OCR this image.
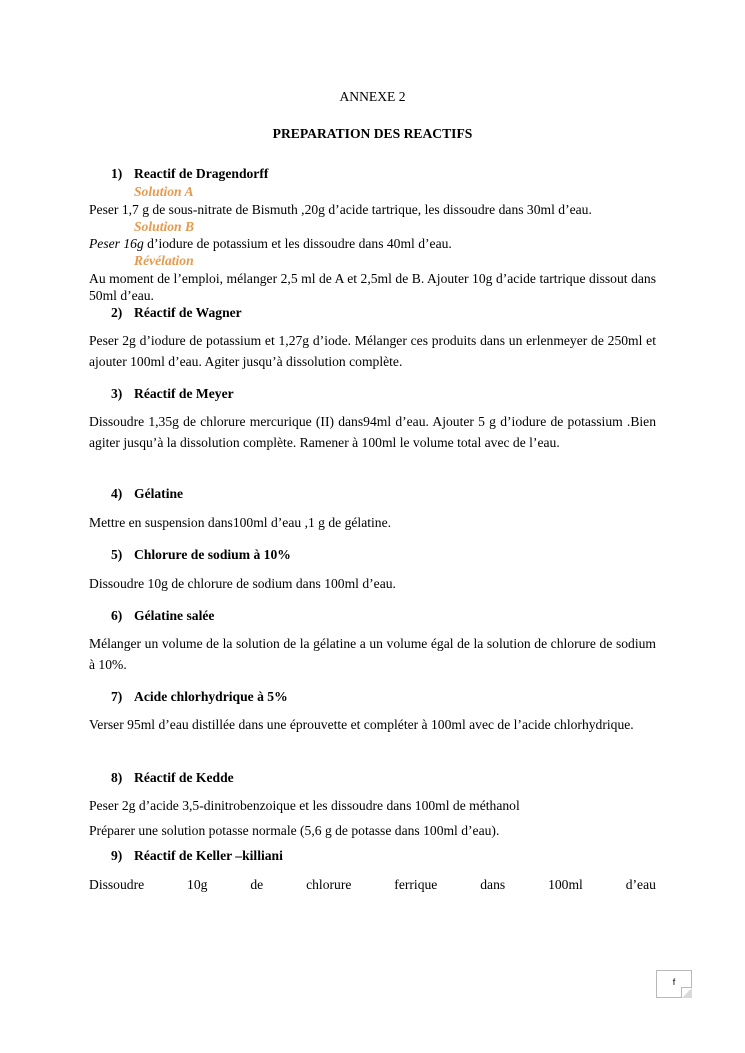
ANNEXE 2

PREPARATION DES REACTIFS

1) Reactif de Dragendorff

Solution A

Peser 1,7 g de sous-nitrate de Bismuth ,20g d’acide tartrique, les dissoudre dans 30ml d’eau.

Solution B

Peser 16g d’iodure de potassium et les dissoudre dans 40ml d’eau.

Révélation

Au moment de l’emploi, mélanger 2,5 ml de A et 2,5ml de B. Ajouter 10g d’acide tartrique dissout dans 50ml d’eau.

2) Réactif de Wagner

Peser 2g d’iodure de potassium et 1,27g d’iode. Mélanger ces produits dans un erlenmeyer de 250ml et ajouter 100ml d’eau. Agiter jusqu’à dissolution complète.

3) Réactif de Meyer

Dissoudre 1,35g de chlorure mercurique (II) dans94ml d’eau. Ajouter 5 g d’iodure de potassium .Bien agiter jusqu’à la dissolution complète. Ramener à 100ml le volume total avec de l’eau.

4) Gélatine

Mettre en suspension dans100ml d’eau ,1 g de gélatine.

5) Chlorure de sodium à 10%

Dissoudre 10g de chlorure de sodium dans 100ml d’eau.

6) Gélatine salée

Mélanger un volume de la solution de la gélatine a un volume égal de la solution de chlorure de sodium à 10%.

7) Acide chlorhydrique à 5%

Verser 95ml d’eau distillée dans une éprouvette et compléter à 100ml avec de l’acide chlorhydrique.

8) Réactif de Kedde

Peser 2g d’acide 3,5-dinitrobenzoique et les dissoudre dans 100ml de méthanol

Préparer une solution potasse normale (5,6 g de potasse dans 100ml d’eau).

9) Réactif de Keller –killiani

Dissoudre	10g	de	chlorure	ferrique	dans	100ml	d’eau

f
